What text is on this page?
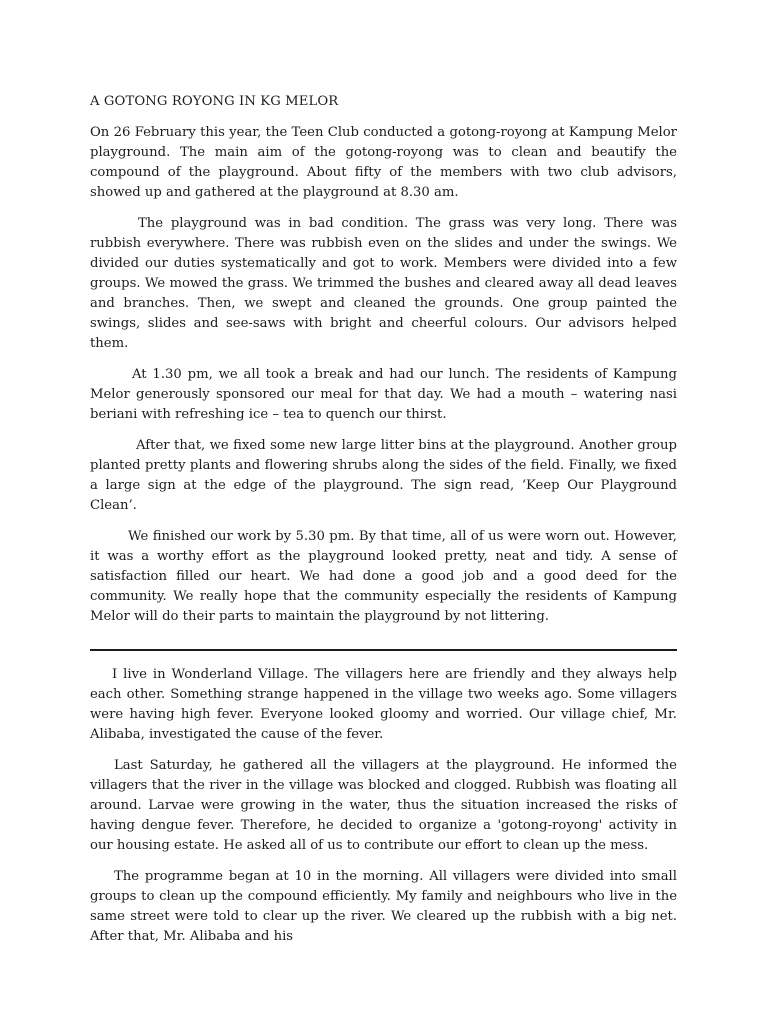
A GOTONG ROYONG IN KG MELOR

On 26 February this year, the Teen Club conducted a gotong-royong at Kampung Melor playground. The main aim of the gotong-royong was to clean and beautify the compound of the playground. About fifty of the members with two club advisors, showed up and gathered at the playground at 8.30 am.

The playground was in bad condition. The grass was very long. There was rubbish everywhere. There was rubbish even on the slides and under the swings. We divided our duties systematically and got to work. Members were divided into a few groups. We mowed the grass. We trimmed the bushes and cleared away all dead leaves and branches. Then, we swept and cleaned the grounds. One group painted the swings, slides and see-saws with bright and cheerful colours. Our advisors helped them.

At 1.30 pm, we all took a break and had our lunch. The residents of Kampung Melor generously sponsored our meal for that day. We had a mouth – watering nasi beriani with refreshing ice – tea to quench our thirst.

After that, we fixed some new large litter bins at the playground. Another group planted pretty plants and flowering shrubs along the sides of the field. Finally, we fixed a large sign at the edge of the playground. The sign read, ‘Keep Our Playground Clean’.

We finished our work by 5.30 pm. By that time, all of us were worn out. However, it was a worthy effort as the playground looked pretty, neat and tidy. A sense of satisfaction filled our heart. We had done a good job and a good deed for the community. We really hope that the community especially the residents of Kampung Melor will do their parts to maintain the playground by not littering.

I live in Wonderland Village. The villagers here are friendly and they always help each other. Something strange happened in the village two weeks ago. Some villagers were having high fever. Everyone looked gloomy and worried. Our village chief, Mr. Alibaba, investigated the cause of the fever.

Last Saturday, he gathered all the villagers at the playground. He informed the villagers that the river in the village was blocked and clogged. Rubbish was floating all around. Larvae were growing in the water, thus the situation increased the risks of having dengue fever. Therefore, he decided to organize a 'gotong-royong' activity in our housing estate. He asked all of us to contribute our effort to clean up the mess.

The programme began at 10 in the morning. All villagers were divided into small groups to clean up the compound efficiently. My family and neighbours who live in the same street were told to clear up the river. We cleared up the rubbish with a big net. After that, Mr. Alibaba and his
